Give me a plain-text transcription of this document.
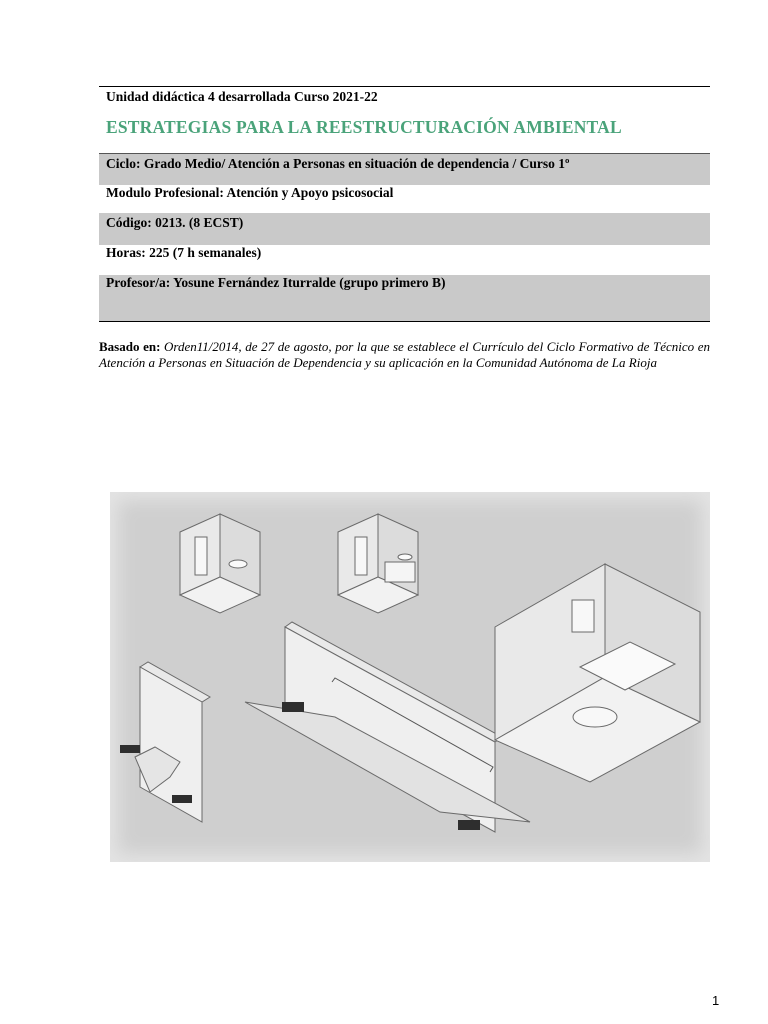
Unidad didáctica 4 desarrollada Curso 2021-22
ESTRATEGIAS PARA LA REESTRUCTURACIÓN AMBIENTAL
Ciclo: Grado Medio/ Atención a Personas en situación de dependencia / Curso 1º
Modulo Profesional: Atención y Apoyo psicosocial
Código: 0213. (8 ECST)
Horas: 225 (7 h semanales)
Profesor/a: Yosune Fernández Iturralde (grupo primero B)
Basado en: Orden11/2014, de 27 de agosto, por la que se establece el Currículo del Ciclo Formativo de Técnico en Atención a Personas en Situación de Dependencia y su aplicación en la Comunidad Autónoma de La Rioja
1
